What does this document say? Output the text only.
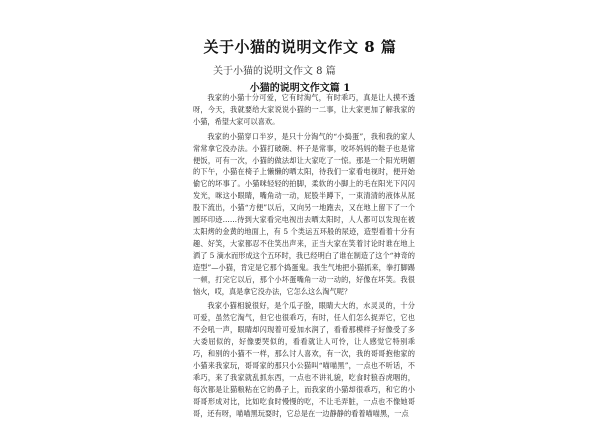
关于小猫的说明文作文 8 篇
关于小猫的说明文作文 8 篇
小猫的说明文作文篇 1

我家的小猫十分可爱，它有时淘气，有时乖巧，真是让人摸不透呀，今天，我就要给大家说说小猫的一二事，让大家更加了解我家的小猫，希望大家可以喜欢。

我家的小猫穿口半岁，是只十分淘气的“小捣蛋”，我和我的家人常常拿它没办法。小猫打破碗、杯子是常事，咬坏妈妈的鞋子也是常便饭，可有一次，小猫的做法却让大家吃了一惊。那是一个阳光明媚的下午，小猫在椅子上懒懒的晒太阳，待我们一家看电视时，便开始偷它的坏事了。小猫咪轻轻的拍脚，柔软的小脚上的毛在阳光下闪闪发光，咪这小眼睛，嘴角动一动，屁股半蹲下，一束清清的液体从屁股下流出，小猫“方便”以后，又向另一地跑去，又在地上留下了一个圆环印迹……待到大家看完电视出去晒太阳时，人人都可以发现在被太阳烤的金黄的地面上，有 5 个类运五环般的尿迹，造型看着十分有趣、好笑，大家都忍不住笑出声来，正当大家在笑着讨论时谁在地上洒了 5 滴水而形成这个五环时，我已经明白了谁在制造了这个“神奇的造型”—小猫，肯定是它那个捣蛋鬼。我生气地把小猫抓来，拳打脚踢一顿，打完它以后，那个小坏蛋嘴角一动一动的，好像在坏笑。我很恼火，哎，真是拿它没办法，它怎么这么淘气呢？

我家小猫相貌很好，是个瓜子脸，眼睛大大的，水灵灵的，十分可爱，虽然它淘气，但它也很乖巧，有时，任人们怎么捉弄它，它也不会吼一声，眼睛却闪现着可爱加水润了，看看那模样子好像受了多大委屈似的，好像要哭似的，看看就让人可怜，让人感觉它特别乖巧，和别的小猫不一样，那么讨人喜欢，有一次，我的哥哥抱他家的小猫来我家玩，哥哥家的那只小公猫叫“喵喵黑”，一点也不听话，不乖巧，来了我家就乱抓东西，一点也不讲礼貌，吃食时狼吞虎咽的，每次都是让猫粮粘在它的鼻子上，而我家的小猫却很乖巧，和它的小哥哥形成对比，比如吃食时慢慢的吃，不让毛弄脏，一点也不像她哥哥，还有呀，喵喵黑玩耍时，它总是在一边静静的看着喵喵黑，一点
